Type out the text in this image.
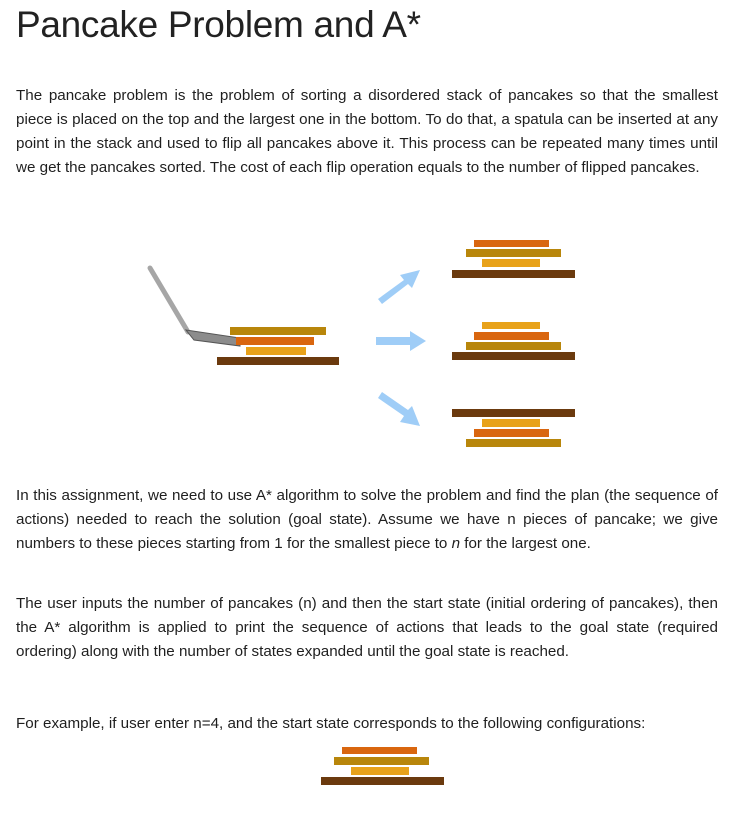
Pancake Problem and A*

The pancake problem is the problem of sorting a disordered stack of pancakes so that the smallest piece is placed on the top and the largest one in the bottom. To do that, a spatula can be inserted at any point in the stack and used to flip all pancakes above it. This process can be repeated many times until we get the pancakes sorted. The cost of each flip operation equals to the number of flipped pancakes.

In this assignment, we need to use A* algorithm to solve the problem and find the plan (the sequence of actions) needed to reach the solution (goal state). Assume we have n pieces of pancake; we give numbers to these pieces starting from 1 for the smallest piece to n for the largest one.

The user inputs the number of pancakes (n) and then the start state (initial ordering of pancakes), then the A* algorithm is applied to print the sequence of actions that leads to the goal state (required ordering) along with the number of states expanded until the goal state is reached.

For example, if user enter n=4, and the start state corresponds to the following configurations:
